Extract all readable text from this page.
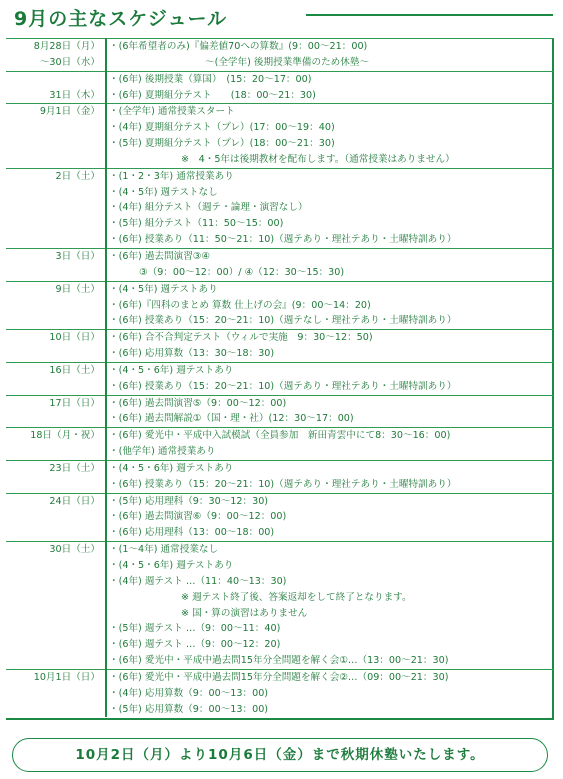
9月の主なスケジュール
8月28日（月）	・(6年希望者のみ)『偏差値70への算数』(9：00～21：00)
～30日（水）	～(全学年) 後期授業準備のため休塾～
	・(6年) 後期授業（算国）　(15：20～17：00)
31日（木）	・(6年) 夏期組分テスト　　(18：00～21：30)
9月1日（金）	・(全学年) 通常授業スタート
	・(4年) 夏期組分テスト（プレ）(17：00～19：40)
	・(5年) 夏期組分テスト（プレ）(18：00～21：30)
	※　4・5年は後期教材を配布します。（通常授業はありません）
2日（土）	・(1・2・3年) 通常授業あり
	・(4・5年) 週テストなし
	・(4年) 組分テスト（週テ・論理・演習なし）
	・(5年) 組分テスト（11：50～15：00)
	・(6年) 授業あり（11：50～21：10)（週テあり・理社テあり・土曜特訓あり）
3日（日）	・(6年) 過去問演習③④
	③（9：00～12：00）/ ④（12：30～15：30)
9日（土）	・(4・5年) 週テストあり
	・(6年)『四科のまとめ 算数 仕上げの会』(9：00～14：20)
	・(6年) 授業あり（15：20～21：10)（週テなし・理社テあり・土曜特訓あり）
10日（日）	・(6年) 合不合判定テスト（ウィルで実施　9：30～12：50)
	・(6年) 応用算数（13：30～18：30)
16日（土）	・(4・5・6年) 週テストあり
	・(6年) 授業あり（15：20～21：10)（週テあり・理社テあり・土曜特訓あり）
17日（日）	・(6年) 過去問演習⑤（9：00～12：00)
	・(6年) 過去問解説①（国・理・社）(12：30～17：00)
18日（月・祝）	・(6年) 愛光中・平成中入試模試（全員参加　新田青雲中にて8：30～16：00)
	・(他学年) 通常授業あり
23日（土）	・(4・5・6年) 週テストあり
	・(6年) 授業あり（15：20～21：10)（週テあり・理社テあり・土曜特訓あり）
24日（日）	・(5年) 応用理科（9：30～12：30)
	・(6年) 過去問演習⑥（9：00～12：00)
	・(6年) 応用理科（13：00～18：00)
30日（土）	・(1～4年) 通常授業なし
	・(4・5・6年) 週テストあり
	・(4年) 週テスト …（11：40～13：30)
	※ 週テスト終了後、答案返却をして終了となります。
	※ 国・算の演習はありません
	・(5年) 週テスト …（9：00～11：40)
	・(6年) 週テスト …（9：00～12：20)
	・(6年) 愛光中・平成中過去問15年分全問題を解く会①…（13：00～21：30)
10月1日（日）	・(6年) 愛光中・平成中過去問15年分全問題を解く会②…（09：00～21：30)
	・(4年) 応用算数（9：00～13：00)
	・(5年) 応用算数（9：00～13：00)
10月2日（月）より10月6日（金）まで秋期休塾いたします。
